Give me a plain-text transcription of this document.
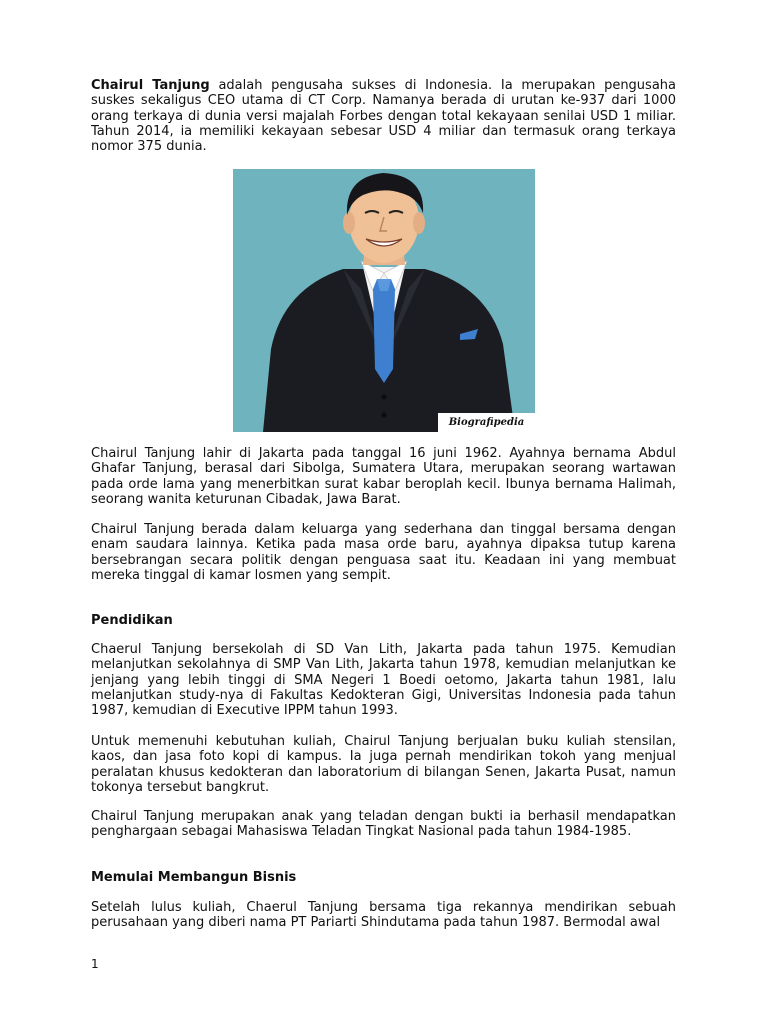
Chairul Tanjung adalah pengusaha sukses di Indonesia. Ia merupakan pengusaha suskes sekaligus CEO utama di CT Corp. Namanya berada di urutan ke-937 dari 1000 orang terkaya di dunia versi majalah Forbes dengan total kekayaan senilai USD 1 miliar. Tahun 2014, ia memiliki kekayaan sebesar USD 4 miliar dan termasuk orang terkaya nomor 375 dunia.

Biografipedia

Chairul Tanjung lahir di Jakarta pada tanggal 16 juni 1962. Ayahnya bernama Abdul Ghafar Tanjung, berasal dari Sibolga, Sumatera Utara, merupakan seorang wartawan pada orde lama yang menerbitkan surat kabar beroplah kecil. Ibunya bernama Halimah, seorang wanita keturunan Cibadak, Jawa Barat.

Chairul Tanjung berada dalam keluarga yang sederhana dan tinggal bersama dengan enam saudara lainnya. Ketika pada masa orde baru, ayahnya dipaksa tutup karena bersebrangan secara politik dengan penguasa saat itu. Keadaan ini yang membuat mereka tinggal di kamar losmen yang sempit.

Pendidikan

Chaerul Tanjung bersekolah di SD Van Lith, Jakarta pada tahun 1975. Kemudian melanjutkan sekolahnya di SMP Van Lith, Jakarta tahun 1978, kemudian melanjutkan ke jenjang yang lebih tinggi di SMA Negeri 1 Boedi oetomo, Jakarta tahun 1981, lalu melanjutkan study-nya di Fakultas Kedokteran Gigi, Universitas Indonesia pada tahun 1987, kemudian di Executive IPPM tahun 1993.

Untuk memenuhi kebutuhan kuliah, Chairul Tanjung berjualan buku kuliah stensilan, kaos, dan jasa foto kopi di kampus. Ia juga pernah mendirikan tokoh yang menjual peralatan khusus kedokteran dan laboratorium di bilangan Senen, Jakarta Pusat, namun tokonya tersebut bangkrut.

Chairul Tanjung merupakan anak yang teladan dengan bukti ia berhasil mendapatkan penghargaan sebagai Mahasiswa Teladan Tingkat Nasional pada tahun 1984-1985.

Memulai Membangun Bisnis

Setelah lulus kuliah, Chaerul Tanjung bersama tiga rekannya mendirikan sebuah perusahaan yang diberi nama PT Pariarti Shindutama pada tahun 1987. Bermodal awal

1
